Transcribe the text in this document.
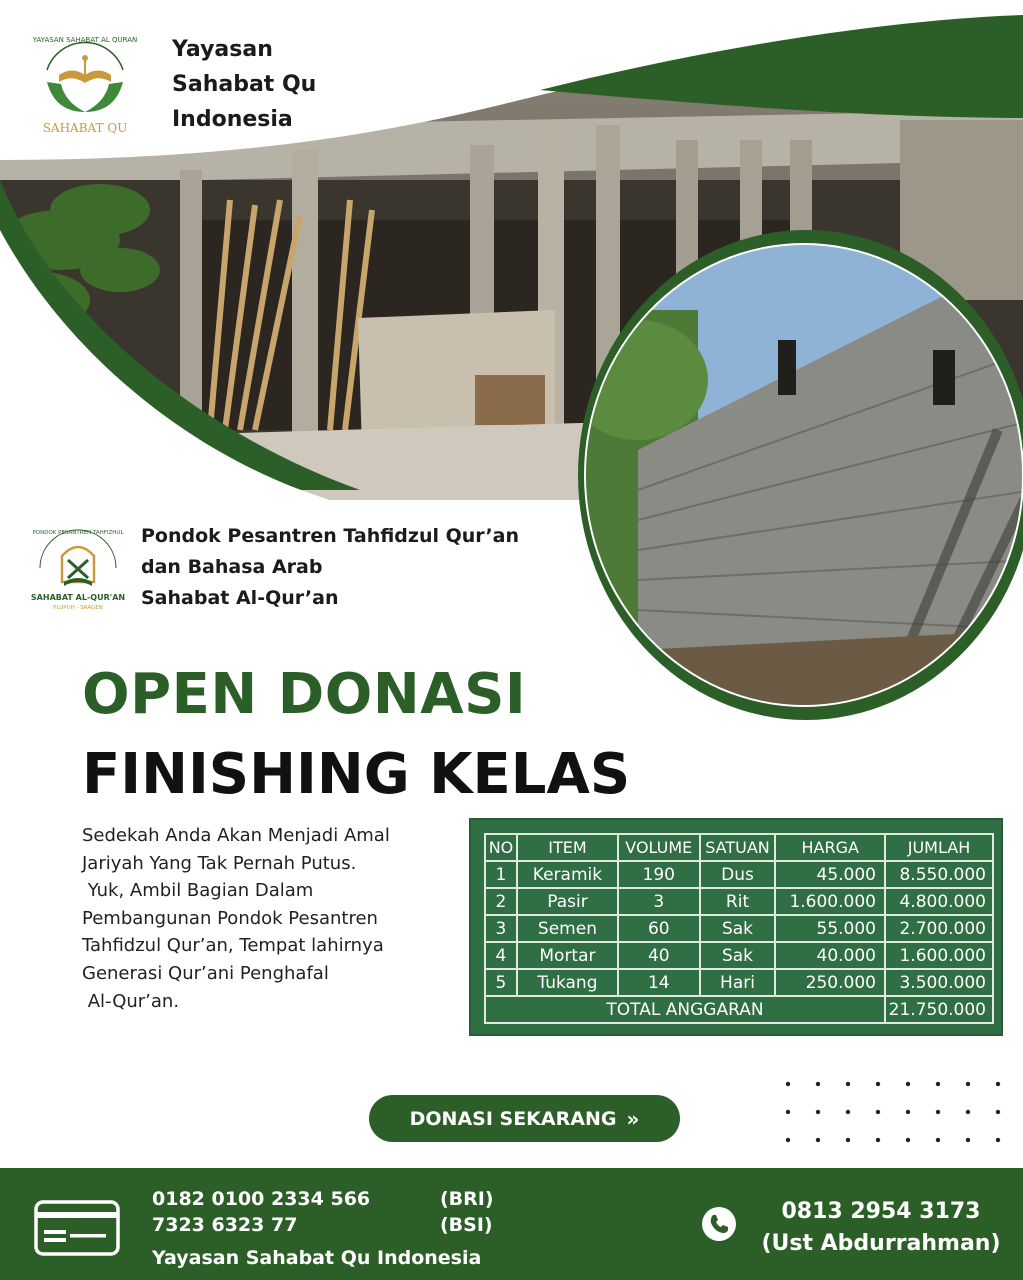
YAYASAN SAHABAT AL QURAN
SAHABAT QU
Yayasan
Sahabat Qu
Indonesia
PONDOK PESANTREN TAHFIZHUL
SAHABAT AL-QUR'AN
PLUPUH - SRAGEN
Pondok Pesantren Tahfidzul Qur’an
dan Bahasa Arab
Sahabat Al-Qur’an
OPEN DONASI
FINISHING KELAS
Sedekah Anda Akan Menjadi Amal
Jariyah Yang Tak Pernah Putus.
Yuk, Ambil Bagian Dalam
Pembangunan Pondok Pesantren
Tahfidzul Qur’an, Tempat lahirnya
Generasi Qur’ani Penghafal
Al-Qur’an.
NO	ITEM	VOLUME	SATUAN	HARGA	JUMLAH
1	Keramik	190	Dus	45.000	8.550.000
2	Pasir	3	Rit	1.600.000	4.800.000
3	Semen	60	Sak	55.000	2.700.000
4	Mortar	40	Sak	40.000	1.600.000
5	Tukang	14	Hari	250.000	3.500.000
TOTAL ANGGARAN					21.750.000
DONASI SEKARANG »
0182 0100 2334 566	(BRI)
7323 6323 77	(BSI)
Yayasan Sahabat Qu Indonesia
0813 2954 3173
(Ust Abdurrahman)
